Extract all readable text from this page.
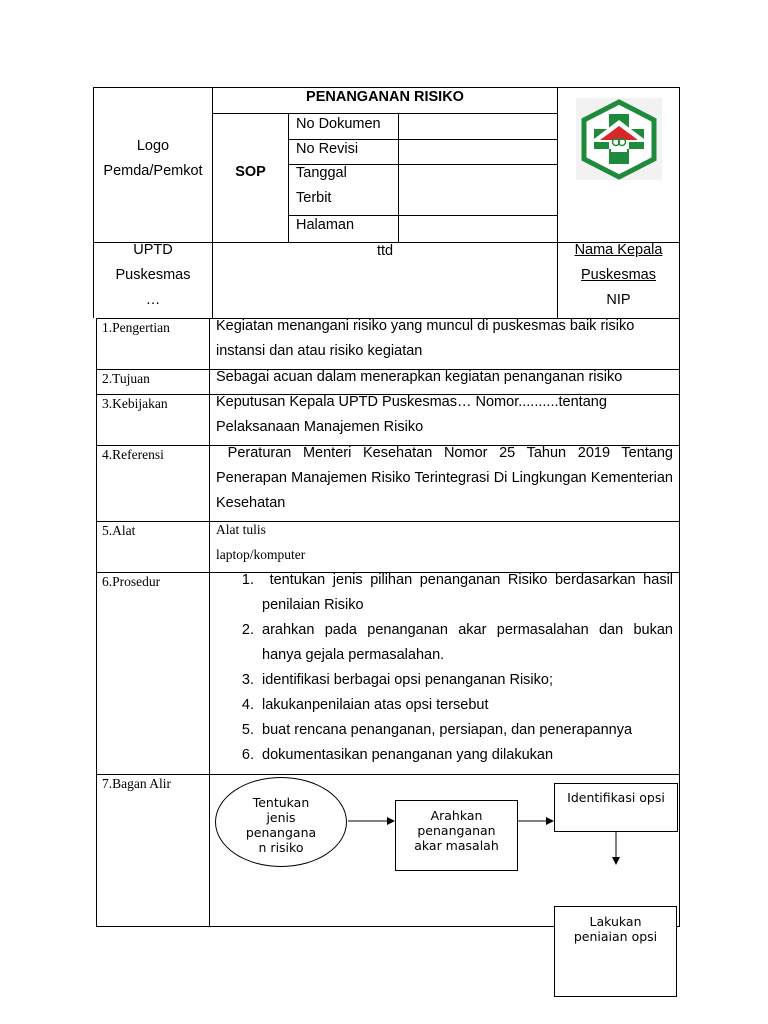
PENANGANAN RISIKO
Logo
Pemda/Pemkot	SOP
No Dokumen
No Revisi
Tanggal
Terbit
Halaman
UPTD
Puskesmas
…
ttd	Nama Kepala
Puskesmas
NIP
1.Pengertian	Kegiatan menangani risiko yang muncul di puskesmas baik risiko instansi dan atau risiko kegiatan
2.Tujuan	Sebagai acuan dalam menerapkan kegiatan penanganan risiko
3.Kebijakan	Keputusan Kepala UPTD Puskesmas… Nomor..........tentang Pelaksanaan Manajemen Risiko
4.Referensi	Peraturan Menteri Kesehatan Nomor 25 Tahun 2019 Tentang Penerapan Manajemen Risiko Terintegrasi Di Lingkungan Kementerian Kesehatan
5.Alat	Alat tulis
laptop/komputer
6.Prosedur
1.	tentukan jenis pilihan penanganan Risiko berdasarkan hasil penilaian Risiko
2. arahkan pada penanganan akar permasalahan dan bukan hanya gejala permasalahan.
3. identifikasi berbagai opsi penanganan Risiko;
4. lakukanpenilaian atas opsi tersebut
5. buat rencana penanganan, persiapan, dan penerapannya
6. dokumentasikan penanganan yang dilakukan
7.Bagan Alir
Tentukan
jenis
penangana
n risiko
Arahkan
penanganan
akar masalah
Identifikasi opsi
Lakukan
peniaian opsi
